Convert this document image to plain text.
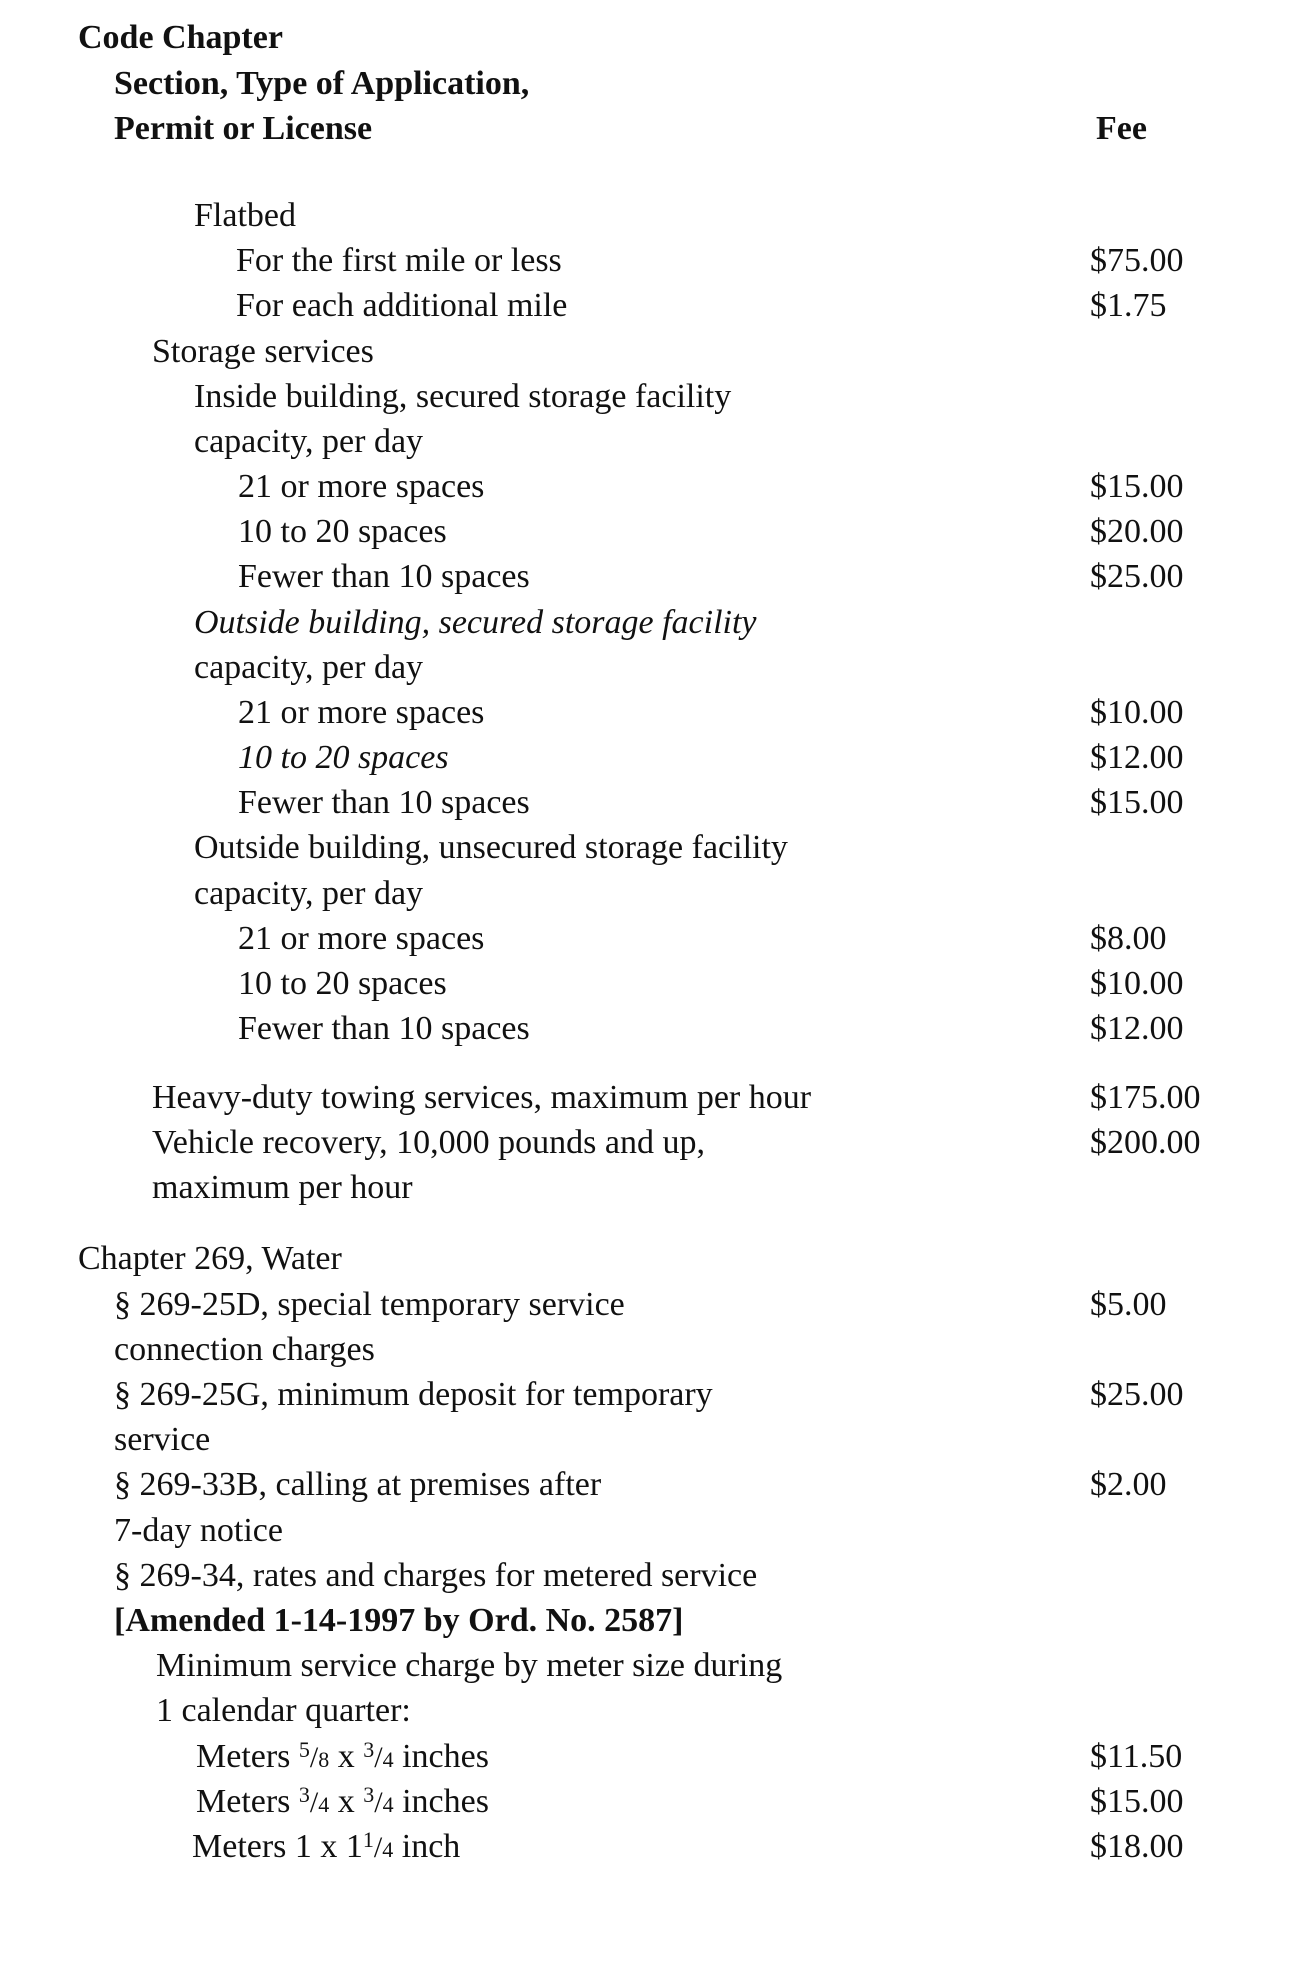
Code Chapter
Section, Type of Application,
Permit or License	Fee
Flatbed
For the first mile or less	$75.00
For each additional mile	$1.75
Storage services
Inside building, secured storage facility
capacity, per day
21 or more spaces	$15.00
10 to 20 spaces	$20.00
Fewer than 10 spaces	$25.00
Outside building, secured storage facility
capacity, per day
21 or more spaces	$10.00
10 to 20 spaces	$12.00
Fewer than 10 spaces	$15.00
Outside building, unsecured storage facility
capacity, per day
21 or more spaces	$8.00
10 to 20 spaces	$10.00
Fewer than 10 spaces	$12.00
Heavy-duty towing services, maximum per hour	$175.00
Vehicle recovery, 10,000 pounds and up,	$200.00
maximum per hour
Chapter 269, Water
§ 269-25D, special temporary service	$5.00
connection charges
§ 269-25G, minimum deposit for temporary	$25.00
service
§ 269-33B, calling at premises after	$2.00
7-day notice
§ 269-34, rates and charges for metered service
[Amended 1-14-1997 by Ord. No. 2587]
Minimum service charge by meter size during
1 calendar quarter:
Meters $^5$/8 x $^3$/4 inches	$11.50
Meters $^3$/4 x $^3$/4 inches	$15.00
Meters 1 x $1^1/4$ inch	$18.00
